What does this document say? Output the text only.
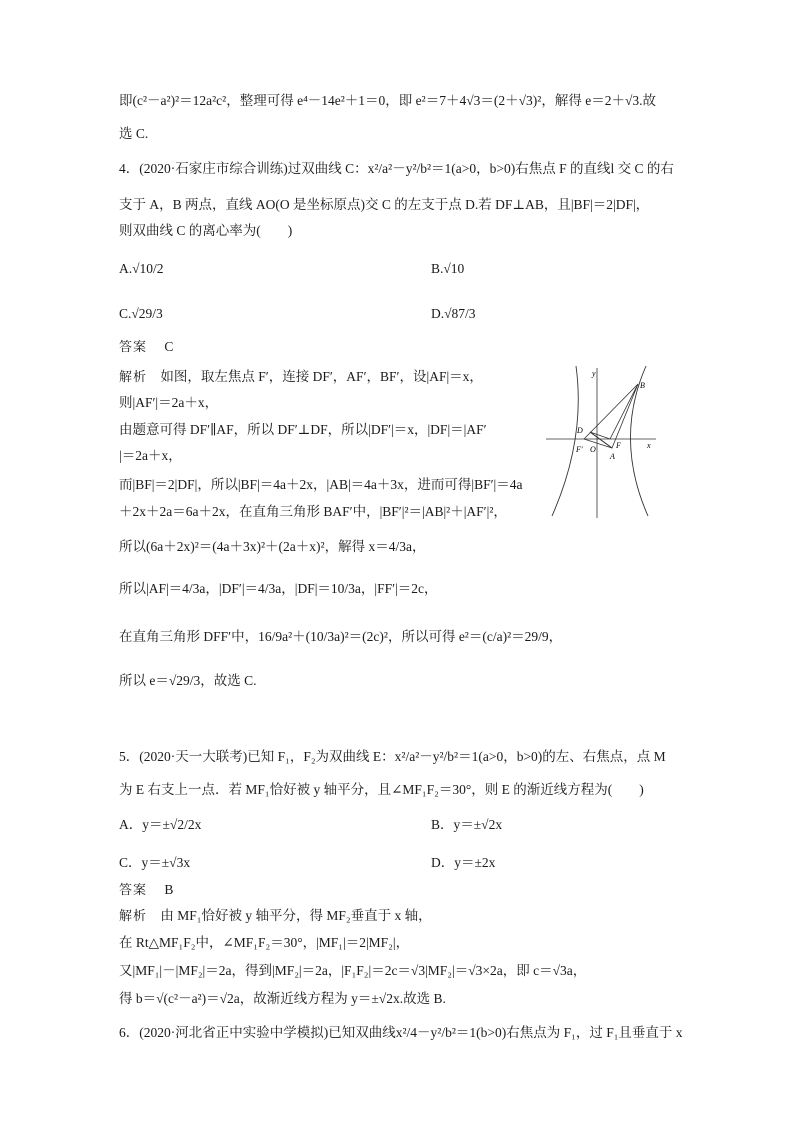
即(c²－a²)²＝12a²c²，整理可得 e⁴－14e²＋1＝0，即 e²＝7＋4√3＝(2＋√3)²，解得 e＝2＋√3.故
选 C.
4．(2020·石家庄市综合训练)过双曲线 C：x²/a²－y²/b²＝1(a>0，b>0)右焦点 F 的直线l 交 C 的右
支于 A，B 两点，直线 AO(O 是坐标原点)交 C 的左支于点 D.若 DF⊥AB，且|BF|＝2|DF|，
则双曲线 C 的离心率为(　　)
A.√10/2	B.√10
C.√29/3	D.√87/3
答案 C
解析 如图，取左焦点 F′，连接 DF′，AF′，BF′，设|AF|＝x，
则|AF′|＝2a＋x，
由题意可得 DF′∥AF，所以 DF′⊥DF，所以|DF′|＝x，|DF|＝|AF′
|＝2a＋x，
而|BF|＝2|DF|，所以|BF|＝4a＋2x，|AB|＝4a＋3x，进而可得|BF′|＝4a
＋2x＋2a＝6a＋2x，在直角三角形 BAF′中，|BF′|²＝|AB|²＋|AF′|²，
所以(6a＋2x)²＝(4a＋3x)²＋(2a＋x)²，解得 x＝4/3a，
所以|AF|＝4/3a，|DF′|＝4/3a，|DF|＝10/3a，|FF′|＝2c，
在直角三角形 DFF′中，16/9a²＋(10/3a)²＝(2c)²，所以可得 e²＝(c/a)²＝29/9，
所以 e＝√29/3，故选 C.
y
B
D
F′ O	F
A
x
5．(2020·天一大联考)已知 F₁，F₂为双曲线 E：x²/a²－y²/b²＝1(a>0，b>0)的左、右焦点，点 M
为 E 右支上一点．若 MF₁恰好被 y 轴平分，且∠MF₁F₂＝30°，则 E 的渐近线方程为(　　)
A．y＝±√2/2x	B．y＝±√2x
C．y＝±√3x	D．y＝±2x
答案 B
解析 由 MF₁恰好被 y 轴平分，得 MF₂垂直于 x 轴，
在 Rt△MF₁F₂中，∠MF₁F₂＝30°，|MF₁|＝2|MF₂|，
又|MF₁|－|MF₂|＝2a，得到|MF₂|＝2a，|F₁F₂|＝2c＝√3|MF₂|＝√3×2a，即 c＝√3a，
得 b＝√(c²－a²)＝√2a，故渐近线方程为 y＝±√2x.故选 B.
6．(2020·河北省正中实验中学模拟)已知双曲线x²/4－y²/b²＝1(b>0)右焦点为 F₁，过 F₁且垂直于 x
